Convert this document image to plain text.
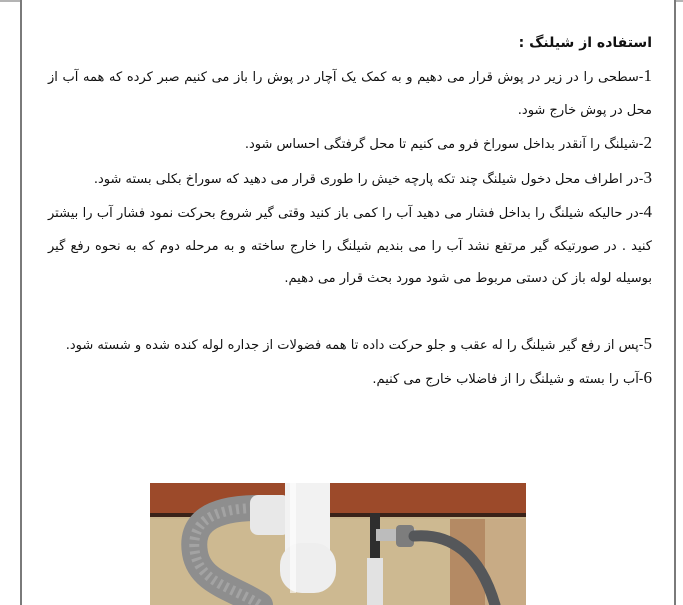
استفاده از شیلنگ :

1-سطحی را در زیر در پوش قرار می دهیم و به کمک یک آچار در پوش را باز می کنیم صبر کرده که همه آب از محل در پوش خارج شود.

2-شیلنگ را آنقدر بداخل سوراخ فرو می کنیم تا محل گرفتگی احساس شود.

3-در اطراف محل دخول شیلنگ چند تکه پارچه خیش را طوری قرار می دهید که سوراخ بکلی بسته شود.

4-در حالیکه شیلنگ را بداخل فشار می دهید آب را کمی باز کنید وقتی گیر شروع بحرکت نمود فشار آب را بیشتر کنید . در صورتیکه گیر مرتفع نشد آب را می بندیم شیلنگ را خارج ساخته و به مرحله دوم که به نحوه رفع گیر بوسیله لوله باز کن دستی مربوط می شود مورد بحث قرار می دهیم.

5-پس از رفع گیر شیلنگ را له عقب و جلو حرکت داده تا همه فضولات از جداره لوله کنده شده و شسته شود.

6-آب را بسته و شیلنگ را از فاضلاب خارج می کنیم.
